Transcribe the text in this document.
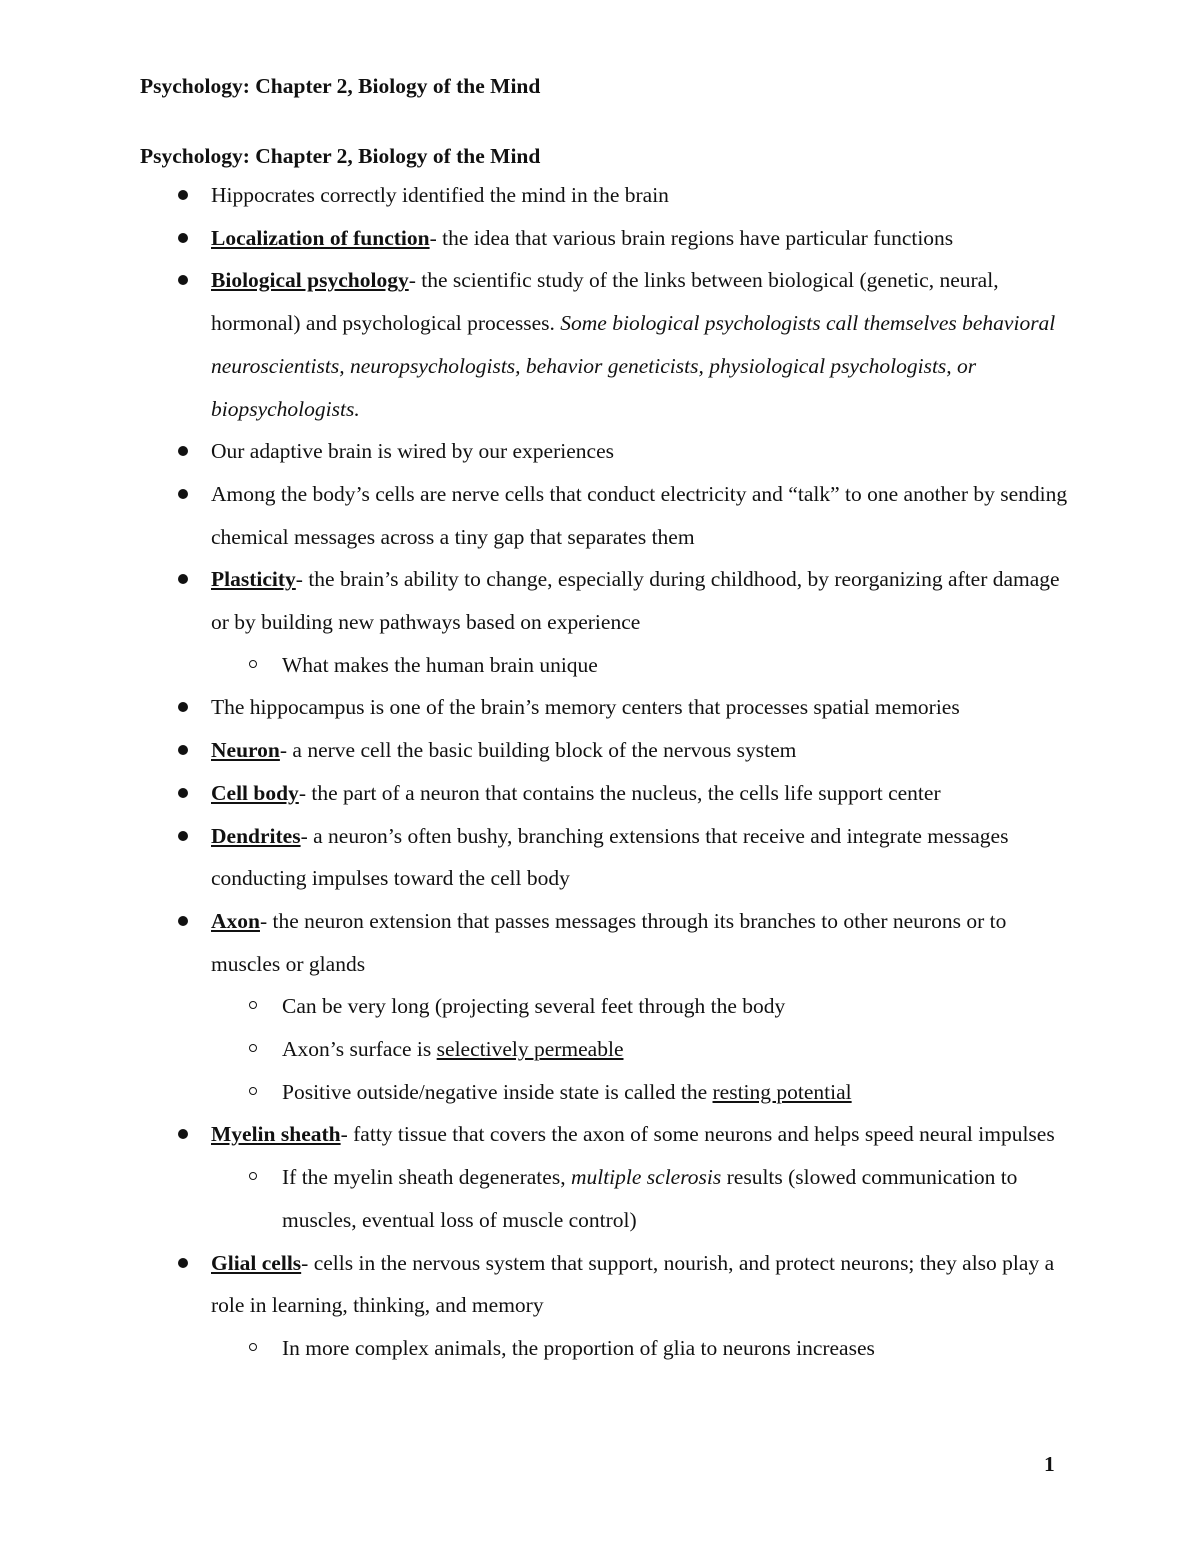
Psychology: Chapter 2, Biology of the Mind
Psychology: Chapter 2, Biology of the Mind
Hippocrates correctly identified the mind in the brain
Localization of function- the idea that various brain regions have particular functions
Biological psychology- the scientific study of the links between biological (genetic, neural, hormonal) and psychological processes. Some biological psychologists call themselves behavioral neuroscientists, neuropsychologists, behavior geneticists, physiological psychologists, or biopsychologists.
Our adaptive brain is wired by our experiences
Among the body’s cells are nerve cells that conduct electricity and “talk” to one another by sending chemical messages across a tiny gap that separates them
Plasticity- the brain’s ability to change, especially during childhood, by reorganizing after damage or by building new pathways based on experience
What makes the human brain unique
The hippocampus is one of the brain’s memory centers that processes spatial memories
Neuron- a nerve cell the basic building block of the nervous system
Cell body- the part of a neuron that contains the nucleus, the cells life support center
Dendrites- a neuron’s often bushy, branching extensions that receive and integrate messages conducting impulses toward the cell body
Axon- the neuron extension that passes messages through its branches to other neurons or to muscles or glands
Can be very long (projecting several feet through the body
Axon’s surface is selectively permeable
Positive outside/negative inside state is called the resting potential
Myelin sheath- fatty tissue that covers the axon of some neurons and helps speed neural impulses
If the myelin sheath degenerates, multiple sclerosis results (slowed communication to muscles, eventual loss of muscle control)
Glial cells- cells in the nervous system that support, nourish, and protect neurons; they also play a role in learning, thinking, and memory
In more complex animals, the proportion of glia to neurons increases
1
